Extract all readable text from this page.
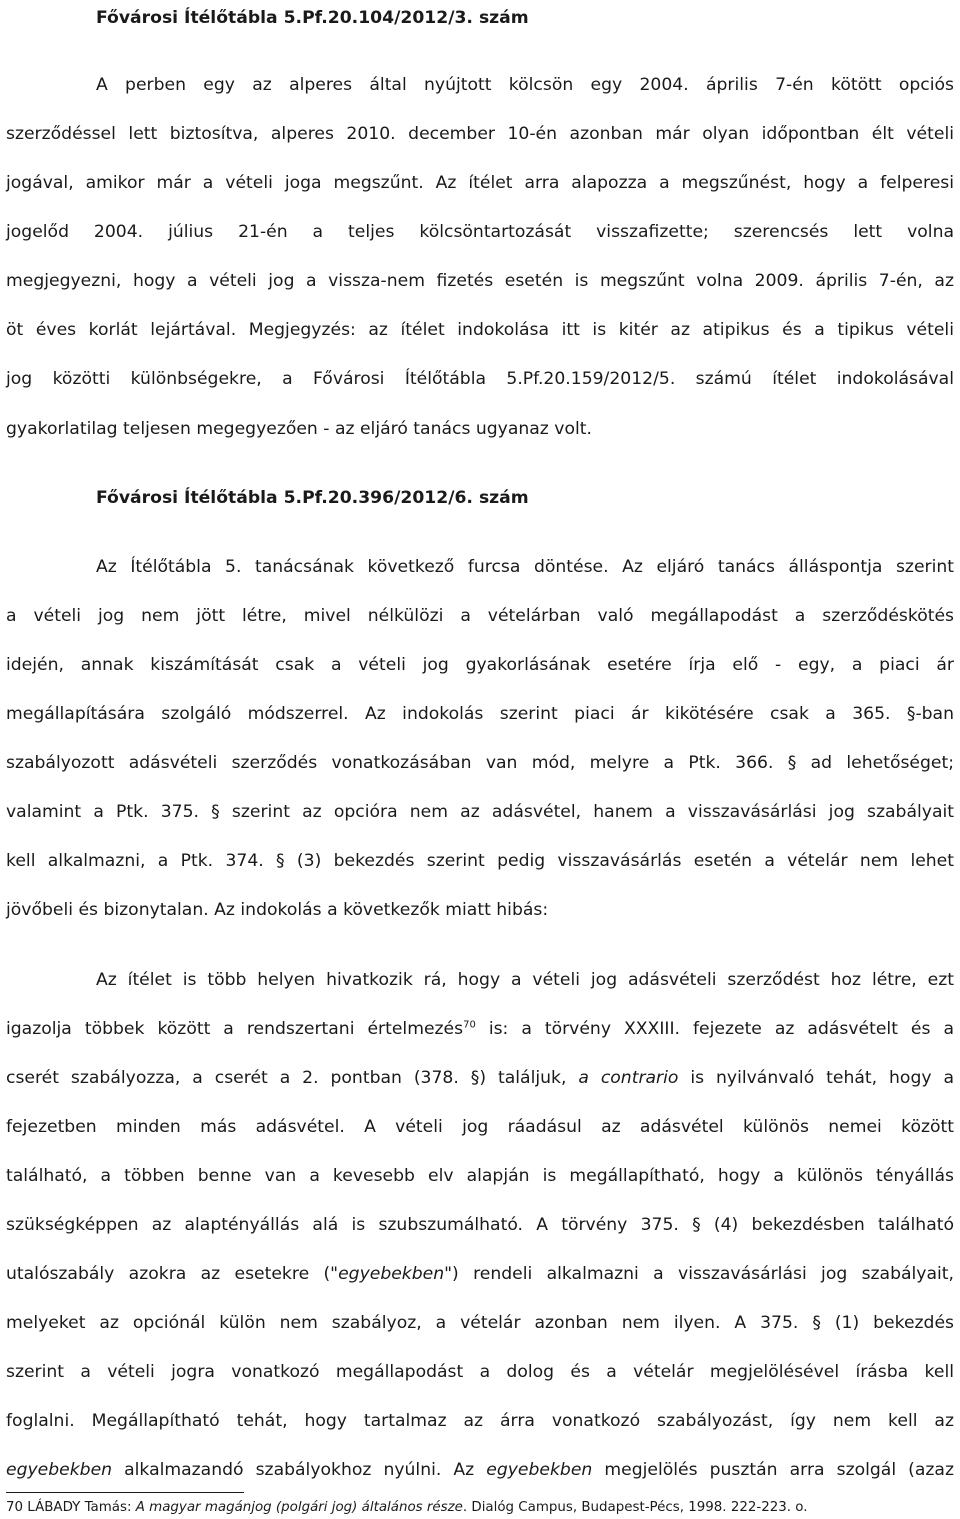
Fővárosi Ítélőtábla 5.Pf.20.104/2012/3. szám
A perben egy az alperes által nyújtott kölcsön egy 2004. április 7-én kötött opciós
szerződéssel lett biztosítva, alperes 2010. december 10-én azonban már olyan időpontban élt vételi
jogával, amikor már a vételi joga megszűnt. Az ítélet arra alapozza a megszűnést, hogy a felperesi
jogelőd 2004. július 21-én a teljes kölcsöntartozását visszafizette; szerencsés lett volna
megjegyezni, hogy a vételi jog a vissza-nem fizetés esetén is megszűnt volna 2009. április 7-én, az
öt éves korlát lejártával. Megjegyzés: az ítélet indokolása itt is kitér az atipikus és a tipikus vételi
jog közötti különbségekre, a Fővárosi Ítélőtábla 5.Pf.20.159/2012/5. számú ítélet indokolásával
gyakorlatilag teljesen megegyezően - az eljáró tanács ugyanaz volt.
Fővárosi Ítélőtábla 5.Pf.20.396/2012/6. szám
Az Ítélőtábla 5. tanácsának következő furcsa döntése. Az eljáró tanács álláspontja szerint
a vételi jog nem jött létre, mivel nélkülözi a vételárban való megállapodást a szerződéskötés
idején, annak kiszámítását csak a vételi jog gyakorlásának esetére írja elő - egy, a piaci ár
megállapítására szolgáló módszerrel. Az indokolás szerint piaci ár kikötésére csak a 365. §-ban
szabályozott adásvételi szerződés vonatkozásában van mód, melyre a Ptk. 366. § ad lehetőséget;
valamint a Ptk. 375. § szerint az opcióra nem az adásvétel, hanem a visszavásárlási jog szabályait
kell alkalmazni, a Ptk. 374. § (3) bekezdés szerint pedig visszavásárlás esetén a vételár nem lehet
jövőbeli és bizonytalan. Az indokolás a következők miatt hibás:
Az ítélet is több helyen hivatkozik rá, hogy a vételi jog adásvételi szerződést hoz létre, ezt
igazolja többek között a rendszertani értelmezés$^{70}$ is: a törvény XXXIII. fejezete az adásvételt és a
cserét szabályozza, a cserét a 2. pontban (378. §) találjuk, a contrario is nyilvánvaló tehát, hogy a
fejezetben minden más adásvétel. A vételi jog ráadásul az adásvétel különös nemei között
található, a többen benne van a kevesebb elv alapján is megállapítható, hogy a különös tényállás
szükségképpen az alaptényállás alá is szubszumálható. A törvény 375. § (4) bekezdésben található
utalószabály azokra az esetekre ("egyebekben") rendeli alkalmazni a visszavásárlási jog szabályait,
melyeket az opciónál külön nem szabályoz, a vételár azonban nem ilyen. A 375. § (1) bekezdés
szerint a vételi jogra vonatkozó megállapodást a dolog és a vételár megjelölésével írásba kell
foglalni. Megállapítható tehát, hogy tartalmaz az árra vonatkozó szabályozást, így nem kell az
egyebekben alkalmazandó szabályokhoz nyúlni. Az egyebekben megjelölés pusztán arra szolgál (azaz
70 LÁBADY Tamás: A magyar magánjog (polgári jog) általános része. Dialóg Campus, Budapest-Pécs, 1998. 222-223. o.
